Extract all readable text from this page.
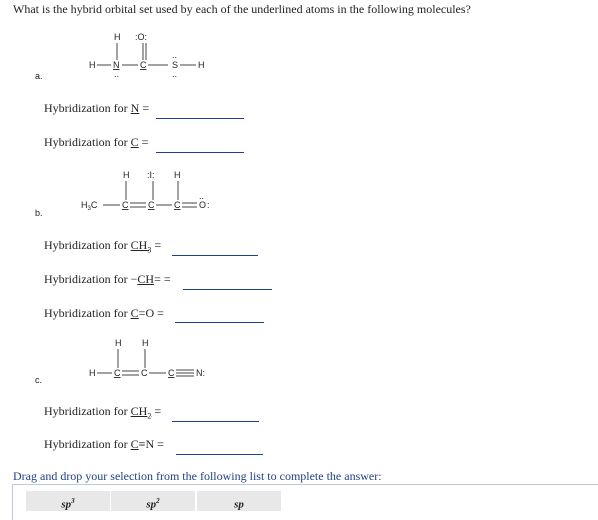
What is the hybrid orbital set used by each of the underlined atoms in the following molecules?
a.
H :O:
H N
..
C
..
S
..
H
Hybridization for N =
Hybridization for C =
b.
H :I: H
$H_3C$	C C C
..
O :
Hybridization for $CH_3$ =
Hybridization for −CH= =
Hybridization for C=O =
c.
H H
H C C C N:
Hybridization for $CH_2$ =
Hybridization for C≡N =
Drag and drop your selection from the following list to complete the answer:
$sp^3$	$sp^2$	sp
